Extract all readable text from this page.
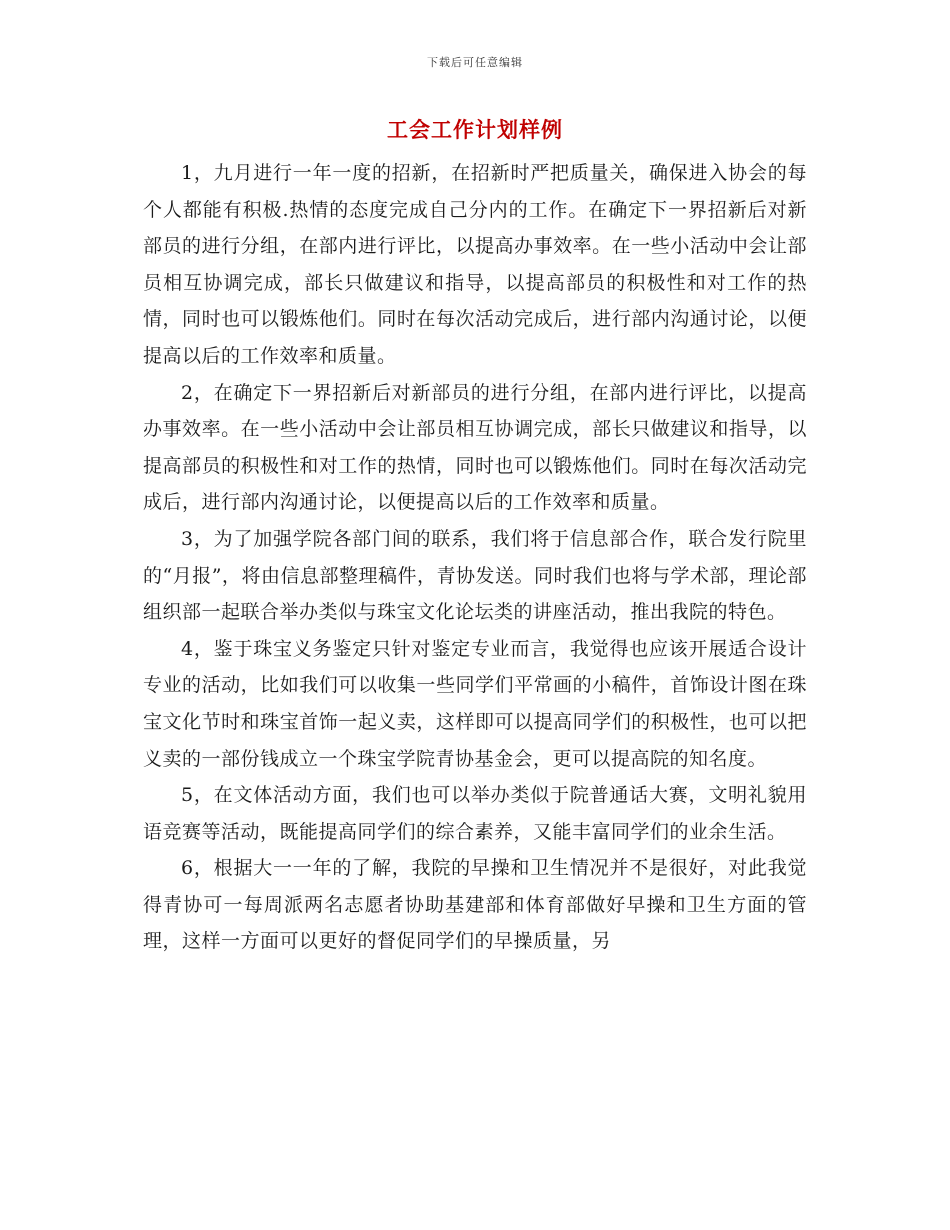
下载后可任意编辑
工会工作计划样例

1，九月进行一年一度的招新，在招新时严把质量关，确保进入协会的每个人都能有积极.热情的态度完成自己分内的工作。在确定下一界招新后对新部员的进行分组，在部内进行评比，以提高办事效率。在一些小活动中会让部员相互协调完成，部长只做建议和指导，以提高部员的积极性和对工作的热情，同时也可以锻炼他们。同时在每次活动完成后，进行部内沟通讨论，以便提高以后的工作效率和质量。

2，在确定下一界招新后对新部员的进行分组，在部内进行评比，以提高办事效率。在一些小活动中会让部员相互协调完成，部长只做建议和指导，以提高部员的积极性和对工作的热情，同时也可以锻炼他们。同时在每次活动完成后，进行部内沟通讨论，以便提高以后的工作效率和质量。

3，为了加强学院各部门间的联系，我们将于信息部合作，联合发行院里的“月报”，将由信息部整理稿件，青协发送。同时我们也将与学术部，理论部组织部一起联合举办类似与珠宝文化论坛类的讲座活动，推出我院的特色。

4，鉴于珠宝义务鉴定只针对鉴定专业而言，我觉得也应该开展适合设计专业的活动，比如我们可以收集一些同学们平常画的小稿件，首饰设计图在珠宝文化节时和珠宝首饰一起义卖，这样即可以提高同学们的积极性，也可以把义卖的一部份钱成立一个珠宝学院青协基金会，更可以提高院的知名度。

5，在文体活动方面，我们也可以举办类似于院普通话大赛，文明礼貌用语竞赛等活动，既能提高同学们的综合素养，又能丰富同学们的业余生活。

6，根据大一一年的了解，我院的早操和卫生情况并不是很好，对此我觉得青协可一每周派两名志愿者协助基建部和体育部做好早操和卫生方面的管理，这样一方面可以更好的督促同学们的早操质量，另
